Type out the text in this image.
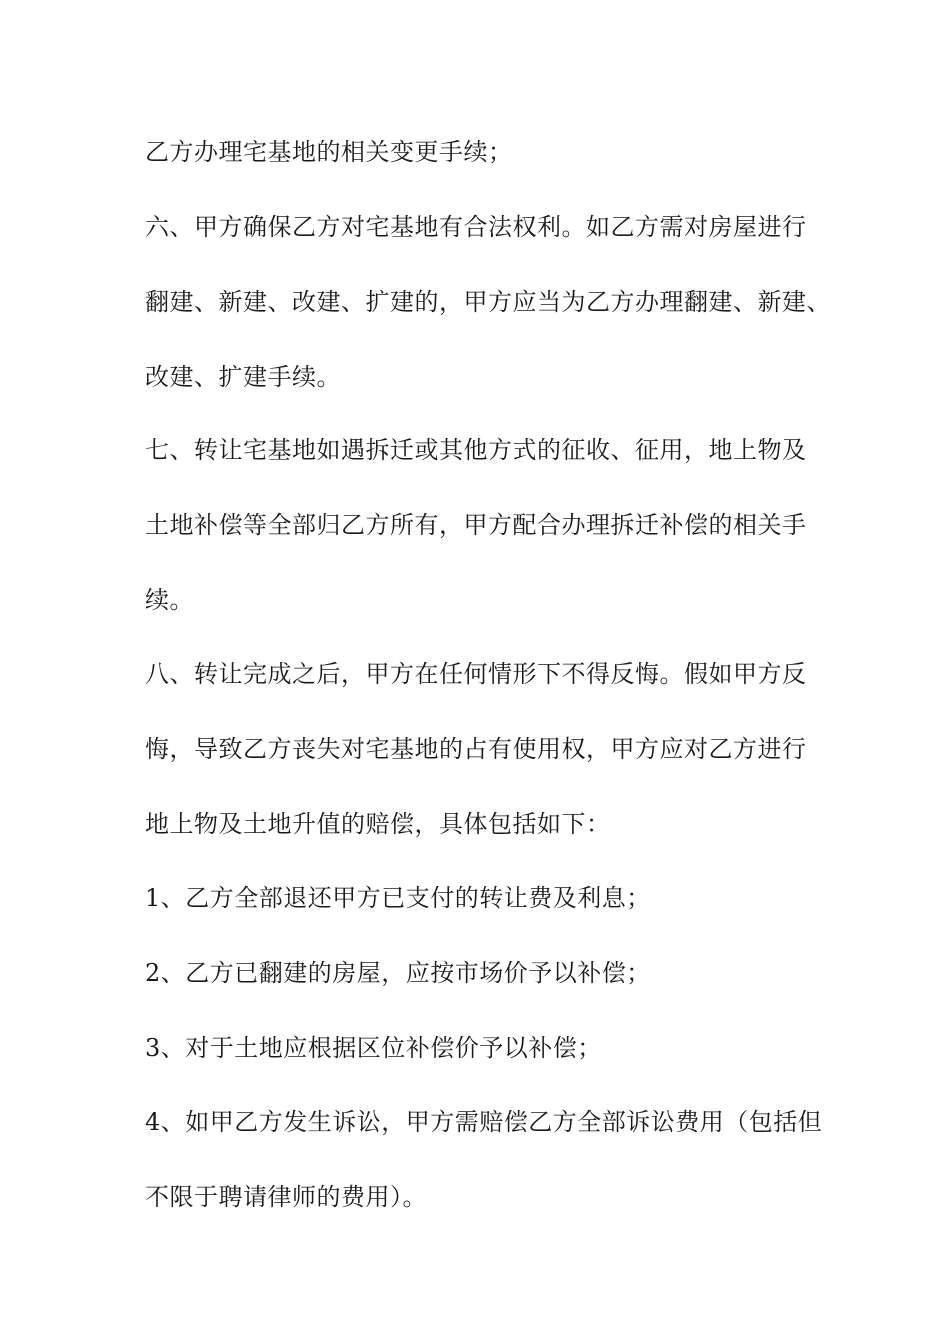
乙方办理宅基地的相关变更手续；
六、甲方确保乙方对宅基地有合法权利。如乙方需对房屋进行
翻建、新建、改建、扩建的，甲方应当为乙方办理翻建、新建、
改建、扩建手续。
七、转让宅基地如遇拆迁或其他方式的征收、征用，地上物及
土地补偿等全部归乙方所有，甲方配合办理拆迁补偿的相关手
续。
八、转让完成之后，甲方在任何情形下不得反悔。假如甲方反
悔，导致乙方丧失对宅基地的占有使用权，甲方应对乙方进行
地上物及土地升值的赔偿，具体包括如下：
1、乙方全部退还甲方已支付的转让费及利息；
2、乙方已翻建的房屋，应按市场价予以补偿；
3、对于土地应根据区位补偿价予以补偿；
4、如甲乙方发生诉讼，甲方需赔偿乙方全部诉讼费用（包括但
不限于聘请律师的费用）。
